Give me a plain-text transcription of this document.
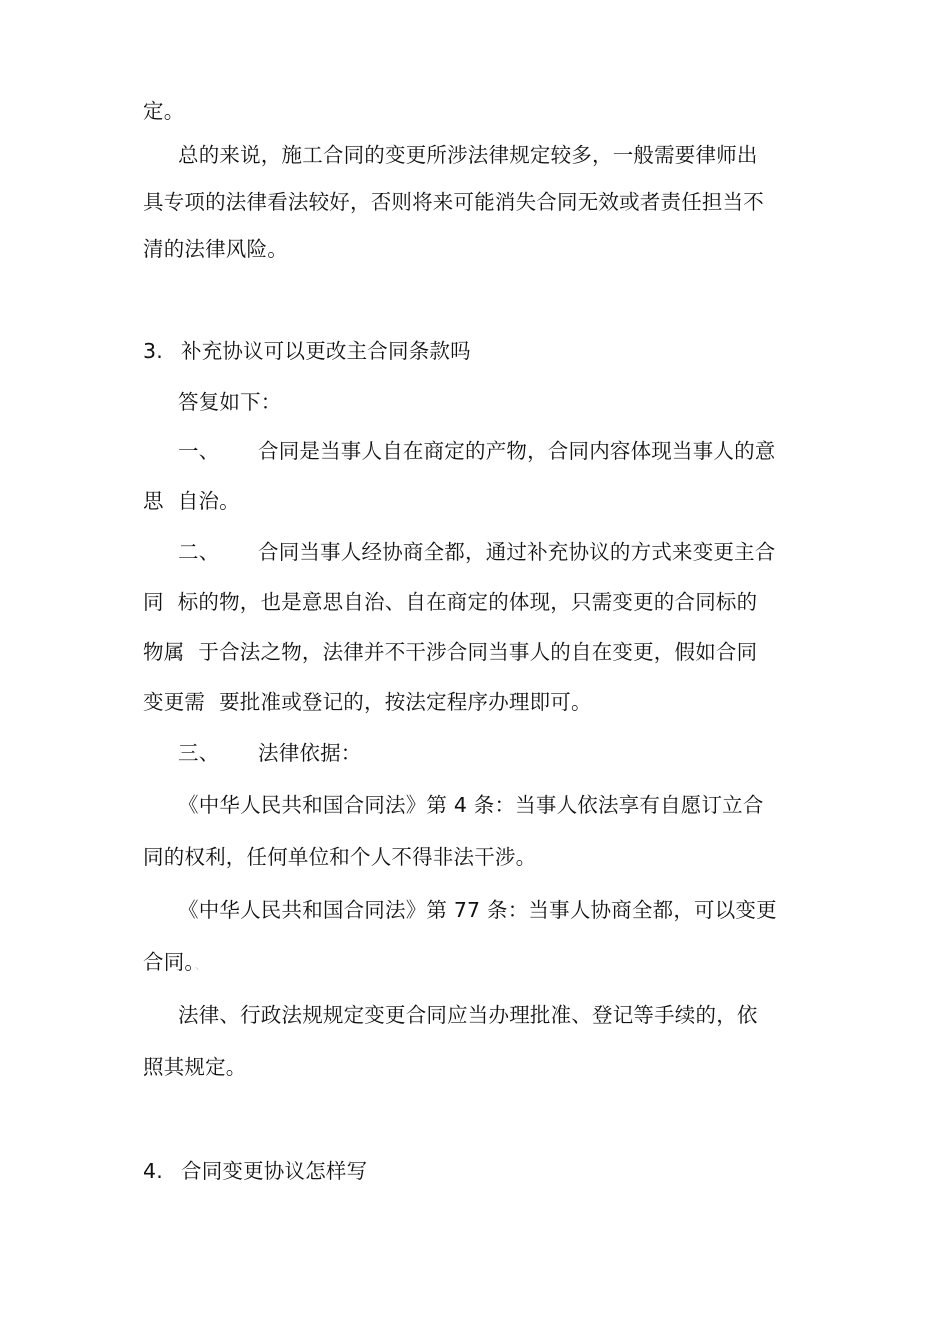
定。
总的来说，施工合同的变更所涉法律规定较多，一般需要律师出
具专项的法律看法较好，否则将来可能消失合同无效或者责任担当不
清的法律风险。
3. 补充协议可以更改主合同条款吗
答复如下：
一、 合同是当事人自在商定的产物，合同内容体现当事人的意
思 自治。
二、 合同当事人经协商全都，通过补充协议的方式来变更主合
同 标的物，也是意思自治、自在商定的体现，只需变更的合同标的
物属 于合法之物，法律并不干涉合同当事人的自在变更，假如合同
变更需 要批准或登记的，按法定程序办理即可。
三、 法律依据：
《中华人民共和国合同法》第 4 条：当事人依法享有自愿订立合
同的权利，任何单位和个人不得非法干涉。
《中华人民共和国合同法》第 77 条：当事人协商全都，可以变更
合同。、
法律、行政法规规定变更合同应当办理批准、登记等手续的，依
照其规定。
4. 合同变更协议怎样写
